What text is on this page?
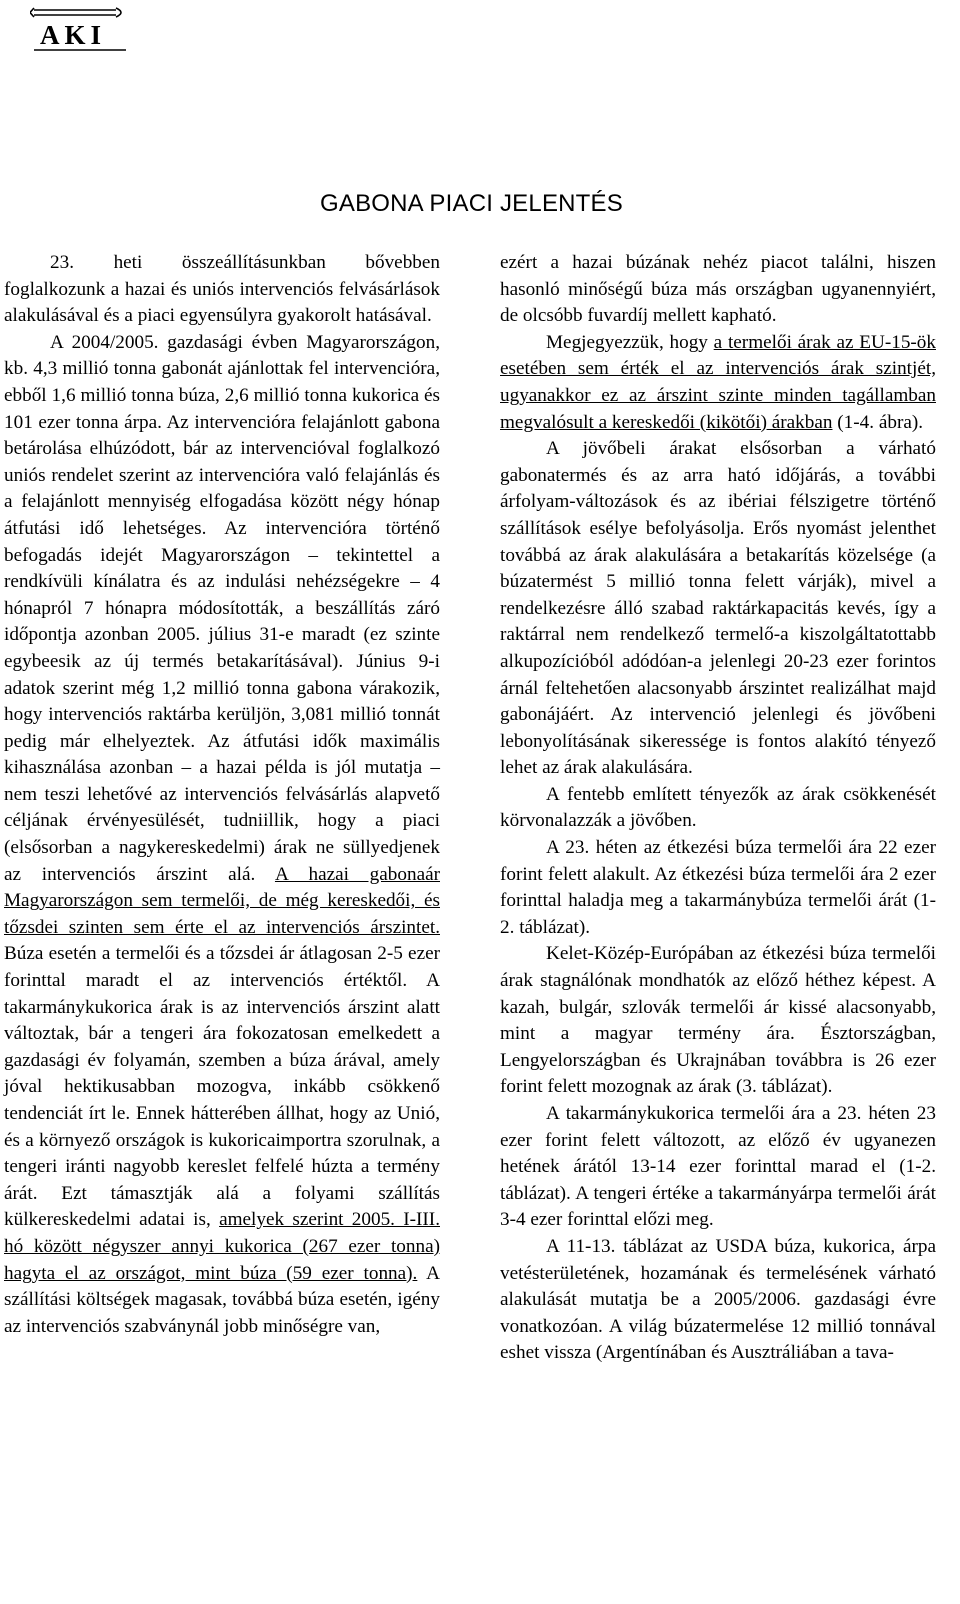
AKI
GABONA PIACI JELENTÉS

23. heti összeállításunkban bővebben foglalkozunk a hazai és uniós intervenciós felvásárlások alakulásával és a piaci egyensúlyra gyakorolt hatásával.

A 2004/2005. gazdasági évben Magyarországon, kb. 4,3 millió tonna gabonát ajánlottak fel intervencióra, ebből 1,6 millió tonna búza, 2,6 millió tonna kukorica és 101 ezer tonna árpa. Az intervencióra felajánlott gabona betárolása elhúzódott, bár az intervencióval foglalkozó uniós rendelet szerint az intervencióra való felajánlás és a felajánlott mennyiség elfogadása között négy hónap átfutási idő lehetséges. Az intervencióra történő befogadás idejét Magyarországon – tekintettel a rendkívüli kínálatra és az indulási nehézségekre – 4 hónapról 7 hónapra módosították, a beszállítás záró időpontja azonban 2005. július 31-e maradt (ez szinte egybeesik az új termés betakarításával). Június 9-i adatok szerint még 1,2 millió tonna gabona várakozik, hogy intervenciós raktárba kerüljön, 3,081 millió tonnát pedig már elhelyeztek. Az átfutási idők maximális kihasználása azonban – a hazai példa is jól mutatja – nem teszi lehetővé az intervenciós felvásárlás alapvető céljának érvényesülését, tudniillik, hogy a piaci (elsősorban a nagykereskedelmi) árak ne süllyedjenek az intervenciós árszint alá. A hazai gabonaár Magyarországon sem termelői, de még kereskedői, és tőzsdei szinten sem érte el az intervenciós árszintet. Búza esetén a termelői és a tőzsdei ár átlagosan 2-5 ezer forinttal maradt el az intervenciós értéktől. A takarmánykukorica árak is az intervenciós árszint alatt változtak, bár a tengeri ára fokozatosan emelkedett a gazdasági év folyamán, szemben a búza árával, amely jóval hektikusabban mozogva, inkább csökkenő tendenciát írt le. Ennek hátterében állhat, hogy az Unió, és a környező országok is kukoricaimportra szorulnak, a tengeri iránti nagyobb kereslet felfelé húzta a termény árát. Ezt támasztják alá a folyami szállítás külkereskedelmi adatai is, amelyek szerint 2005. I-III. hó között négyszer annyi kukorica (267 ezer tonna) hagyta el az országot, mint búza (59 ezer tonna). A szállítási költségek magasak, továbbá búza esetén, igény az intervenciós szabványnál jobb minőségre van,

ezért a hazai búzának nehéz piacot találni, hiszen hasonló minőségű búza más országban ugyanennyiért, de olcsóbb fuvardíj mellett kapható.

Megjegyezzük, hogy a termelői árak az EU-15-ök esetében sem érték el az intervenciós árak szintjét, ugyanakkor ez az árszint szinte minden tagállamban megvalósult a kereskedői (kikötői) árakban (1-4. ábra).

A jövőbeli árakat elsősorban a várható gabonatermés és az arra ható időjárás, a további árfolyam-változások és az ibériai félszigetre történő szállítások esélye befolyásolja. Erős nyomást jelenthet továbbá az árak alakulására a betakarítás közelsége (a búzatermést 5 millió tonna felett várják), mivel a rendelkezésre álló szabad raktárkapacitás kevés, így a raktárral nem rendelkező termelő-a kiszolgáltatottabb alkupozícióból adódóan-a jelenlegi 20-23 ezer forintos árnál feltehetően alacsonyabb árszintet realizálhat majd gabonájáért. Az intervenció jelenlegi és jövőbeni lebonyolításának sikeressége is fontos alakító tényező lehet az árak alakulására.

A fentebb említett tényezők az árak csökkenését körvonalazzák a jövőben.

A 23. héten az étkezési búza termelői ára 22 ezer forint felett alakult. Az étkezési búza termelői ára 2 ezer forinttal haladja meg a takarmánybúza termelői árát (1-2. táblázat).

Kelet-Közép-Európában az étkezési búza termelői árak stagnálónak mondhatók az előző héthez képest. A kazah, bulgár, szlovák termelői ár kissé alacsonyabb, mint a magyar termény ára. Észtországban, Lengyelországban és Ukrajnában továbbra is 26 ezer forint felett mozognak az árak (3. táblázat).

A takarmánykukorica termelői ára a 23. héten 23 ezer forint felett változott, az előző év ugyanezen hetének árától 13-14 ezer forinttal marad el (1-2. táblázat). A tengeri értéke a takarmányárpa termelői árát 3-4 ezer forinttal előzi meg.

A 11-13. táblázat az USDA búza, kukorica, árpa vetésterületének, hozamának és termelésének várható alakulását mutatja be a 2005/2006. gazdasági évre vonatkozóan. A világ búzatermelése 12 millió tonnával eshet vissza (Argentínában és Ausztráliában a tava-
